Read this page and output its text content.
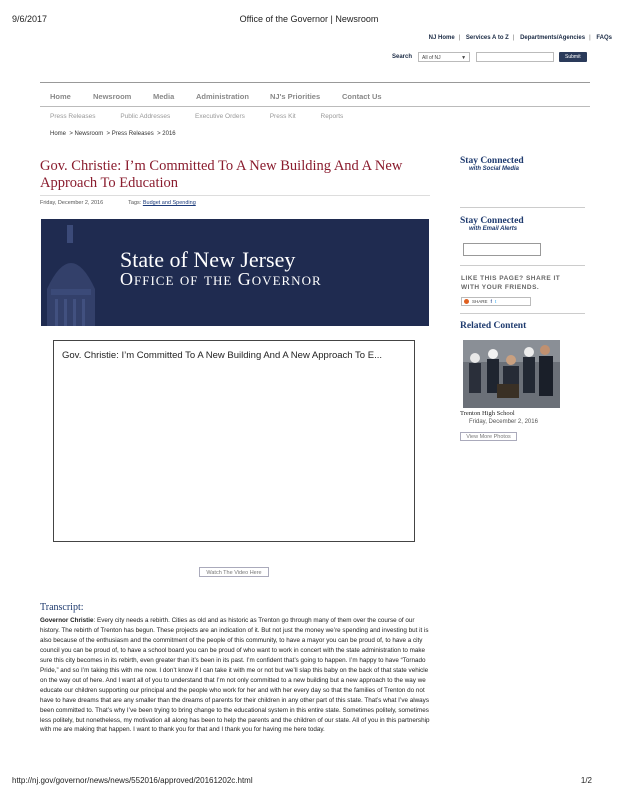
9/6/2017	Office of the Governor | Newsroom
NJ Home | Services A to Z | Departments/Agencies | FAQs
Search	All of NJ	▼	Submit
Home	Newsroom	Media	Administration	NJ's Priorities	Contact Us
Press Releases	Public Addresses	Executive Orders	Press Kit	Reports
Home  > Newsroom  > Press Releases  > 2016
Gov. Christie: I’m Committed To A New Building And A New Approach To Education
Friday, December 2, 2016	Tags: Budget and Spending
State of New Jersey
Office of the Governor
Gov. Christie: I’m Committed To A New Building And A New Approach To E...
Watch The Video Here
Transcript:
Governor Christie: Every city needs a rebirth. Cities as old and as historic as Trenton go through many of them over the course of our history. The rebirth of Trenton has begun. These projects are an indication of it. But not just the money we’re spending and investing but it is also because of the enthusiasm and the commitment of the people of this community, to have a mayor you can be proud of, to have a city council you can be proud of, to have a school board you can be proud of who want to work in concert with the state administration to make sure this city becomes in its rebirth, even greater than it’s been in its past. I’m confident that’s going to happen. I’m happy to have “Tornado Pride,” and so I’m taking this with me now. I don’t know if I can take it with me or not but we’ll slap this baby on the back of that state vehicle on the way out of here. And I want all of you to understand that I’m not only committed to a new building but a new approach to the way we educate our children supporting our principal and the people who work for her and with her every day so that the families of Trenton do not have to have dreams that are any smaller than the dreams of parents for their children in any other part of this state. That’s what I’ve always been committed to. That’s why I’ve been trying to bring change to the educational system in this entire state. Sometimes politely, sometimes less politely, but nonetheless, my motivation all along has been to help the parents and the children of our state. All of you in this partnership with me are making that happen. I want to thank you for that and I thank you for having me here today.
Stay Connected
with Social Media
Stay Connected
with Email Alerts
LIKE THIS PAGE? SHARE IT
WITH YOUR FRIENDS.
SHARE f t
Related Content
Trenton High School
Friday, December 2, 2016
View More Photos
http://nj.gov/governor/news/news/552016/approved/20161202c.html	1/2
